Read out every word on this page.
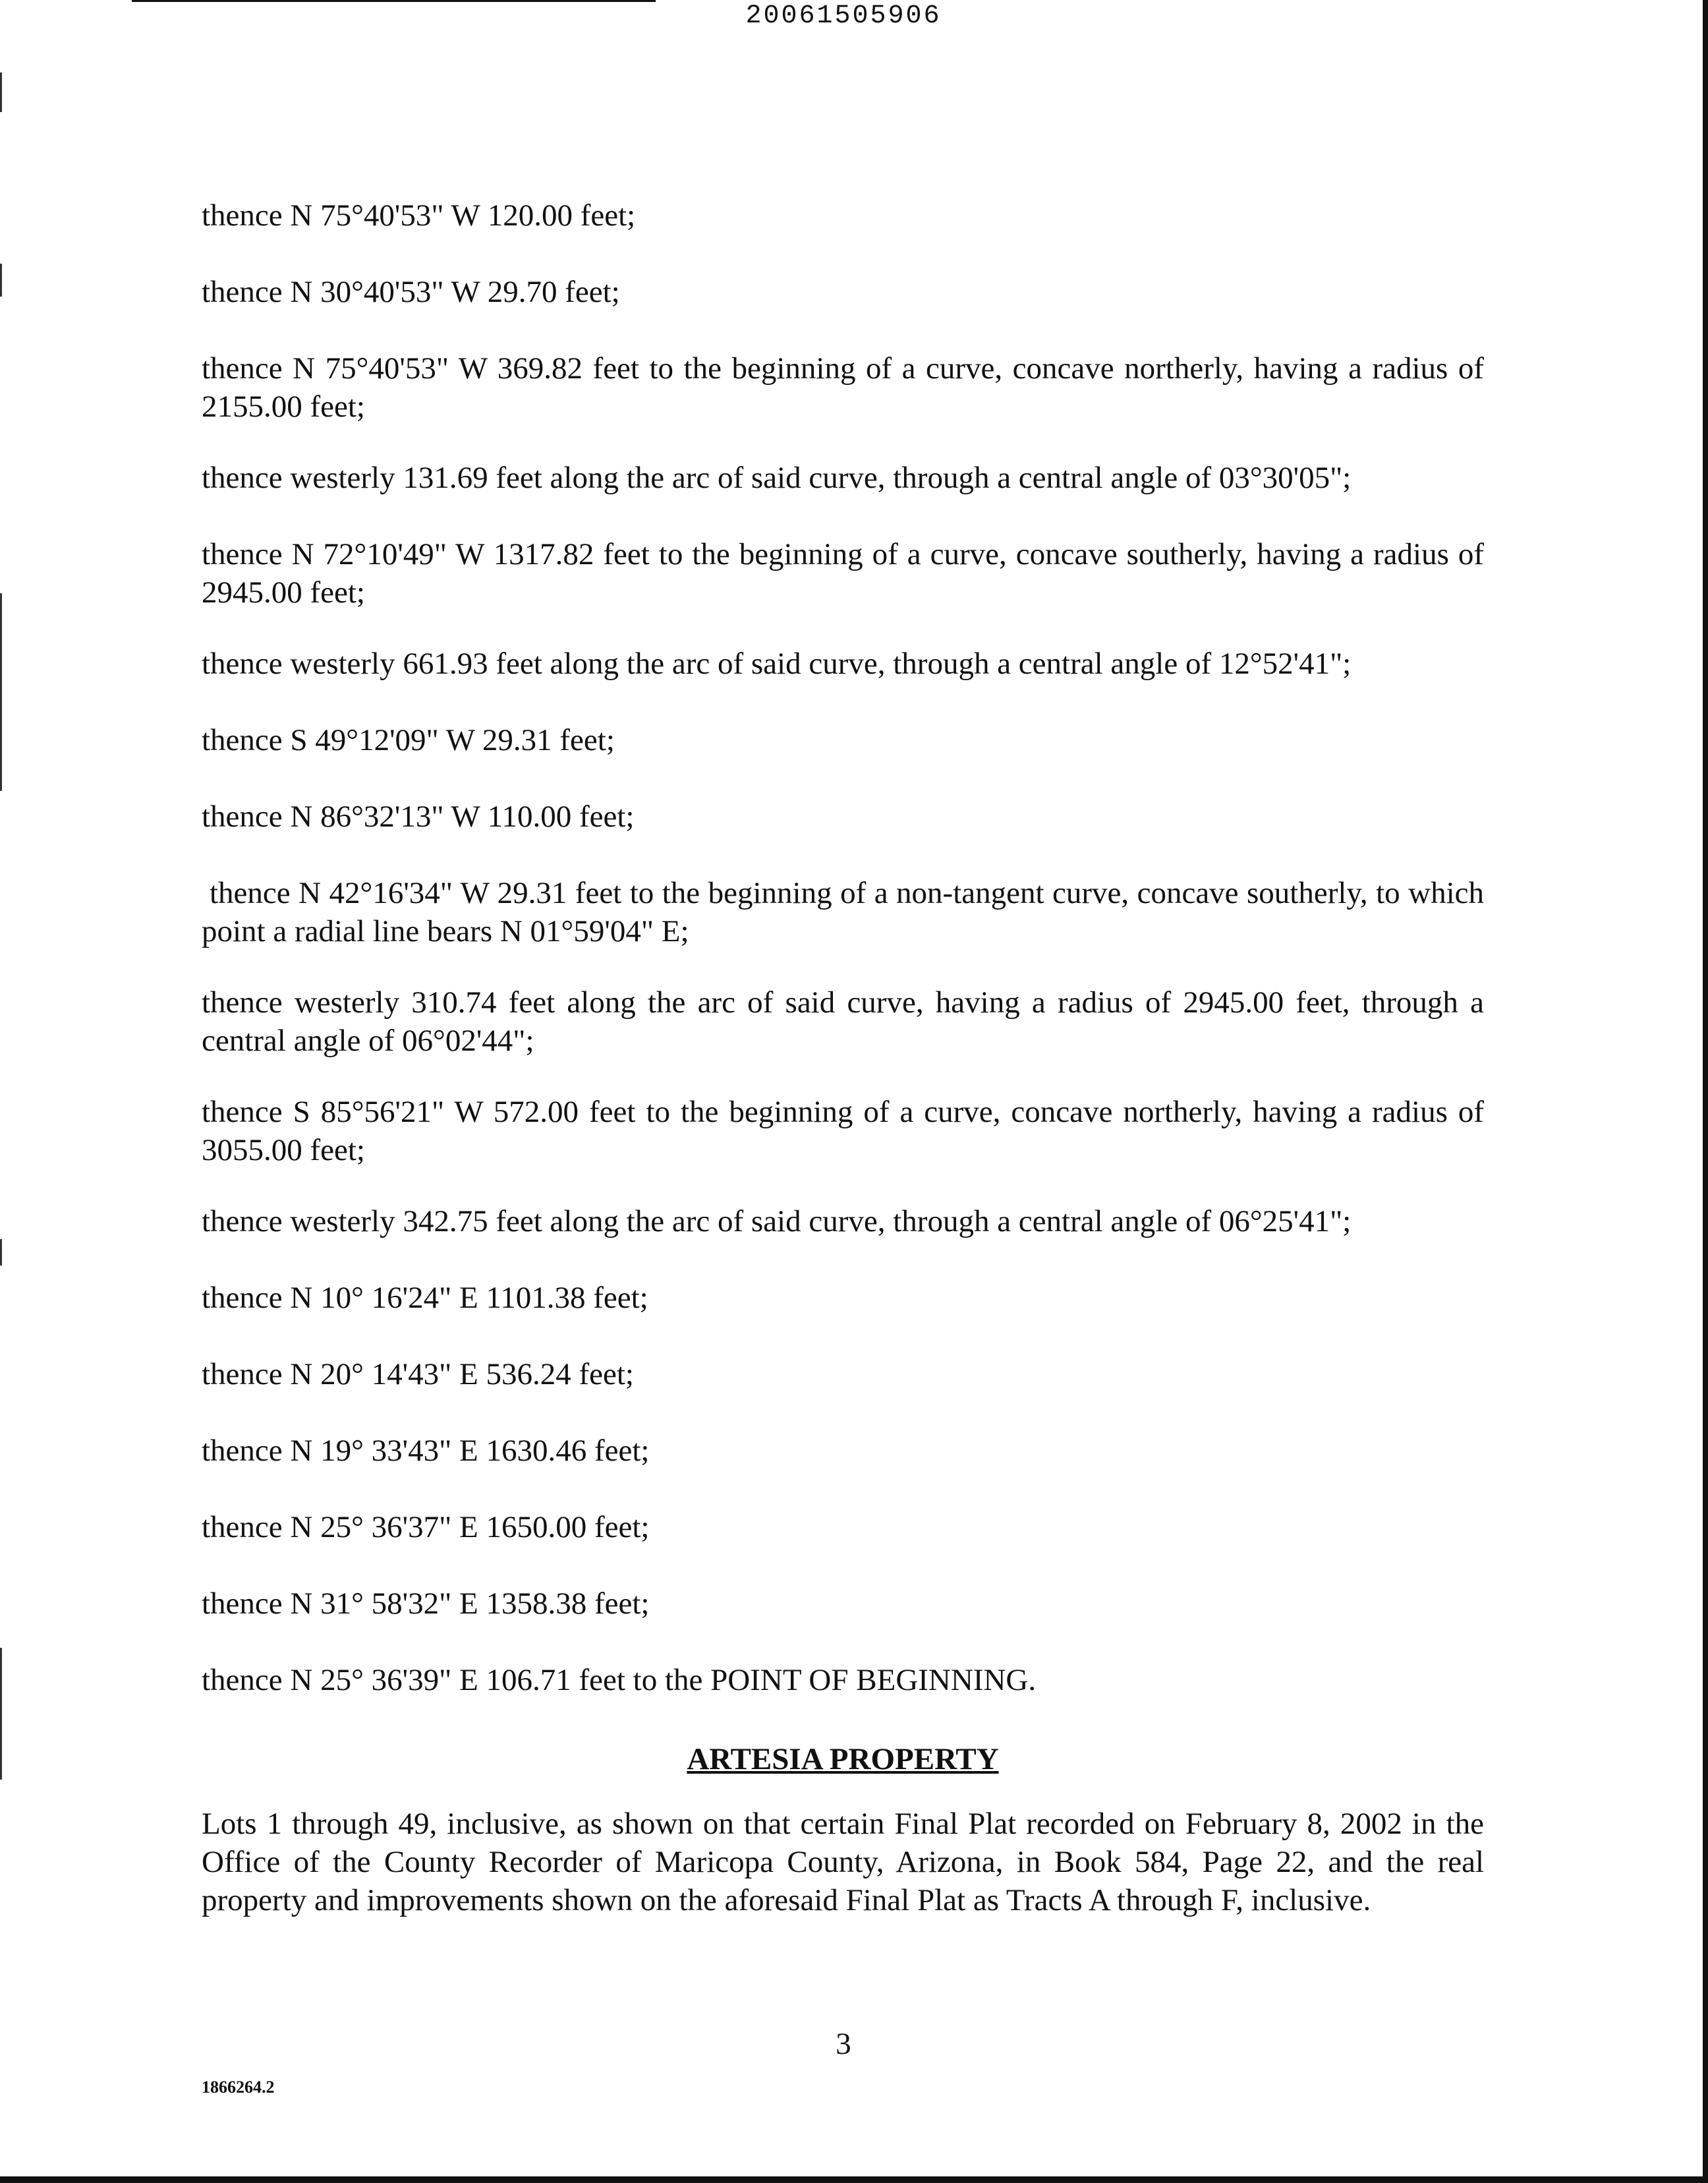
20061505906

thence N 75°40'53" W 120.00 feet;

thence N 30°40'53" W 29.70 feet;

thence N 75°40'53" W 369.82 feet to the beginning of a curve, concave northerly, having a radius of 2155.00 feet;

thence westerly 131.69 feet along the arc of said curve, through a central angle of 03°30'05";

thence N 72°10'49" W 1317.82 feet to the beginning of a curve, concave southerly, having a radius of 2945.00 feet;

thence westerly 661.93 feet along the arc of said curve, through a central angle of 12°52'41";

thence S 49°12'09" W 29.31 feet;

thence N 86°32'13" W 110.00 feet;

thence N 42°16'34" W 29.31 feet to the beginning of a non-tangent curve, concave southerly, to which point a radial line bears N 01°59'04" E;

thence westerly 310.74 feet along the arc of said curve, having a radius of 2945.00 feet, through a central angle of 06°02'44";

thence S 85°56'21" W 572.00 feet to the beginning of a curve, concave northerly, having a radius of 3055.00 feet;

thence westerly 342.75 feet along the arc of said curve, through a central angle of 06°25'41";

thence N 10° 16'24" E 1101.38 feet;

thence N 20° 14'43" E 536.24 feet;

thence N 19° 33'43" E 1630.46 feet;

thence N 25° 36'37" E 1650.00 feet;

thence N 31° 58'32" E 1358.38 feet;

thence N 25° 36'39" E 106.71 feet to the POINT OF BEGINNING.

ARTESIA PROPERTY

Lots 1 through 49, inclusive, as shown on that certain Final Plat recorded on February 8, 2002 in the Office of the County Recorder of Maricopa County, Arizona, in Book 584, Page 22, and the real property and improvements shown on the aforesaid Final Plat as Tracts A through F, inclusive.

3
1866264.2
